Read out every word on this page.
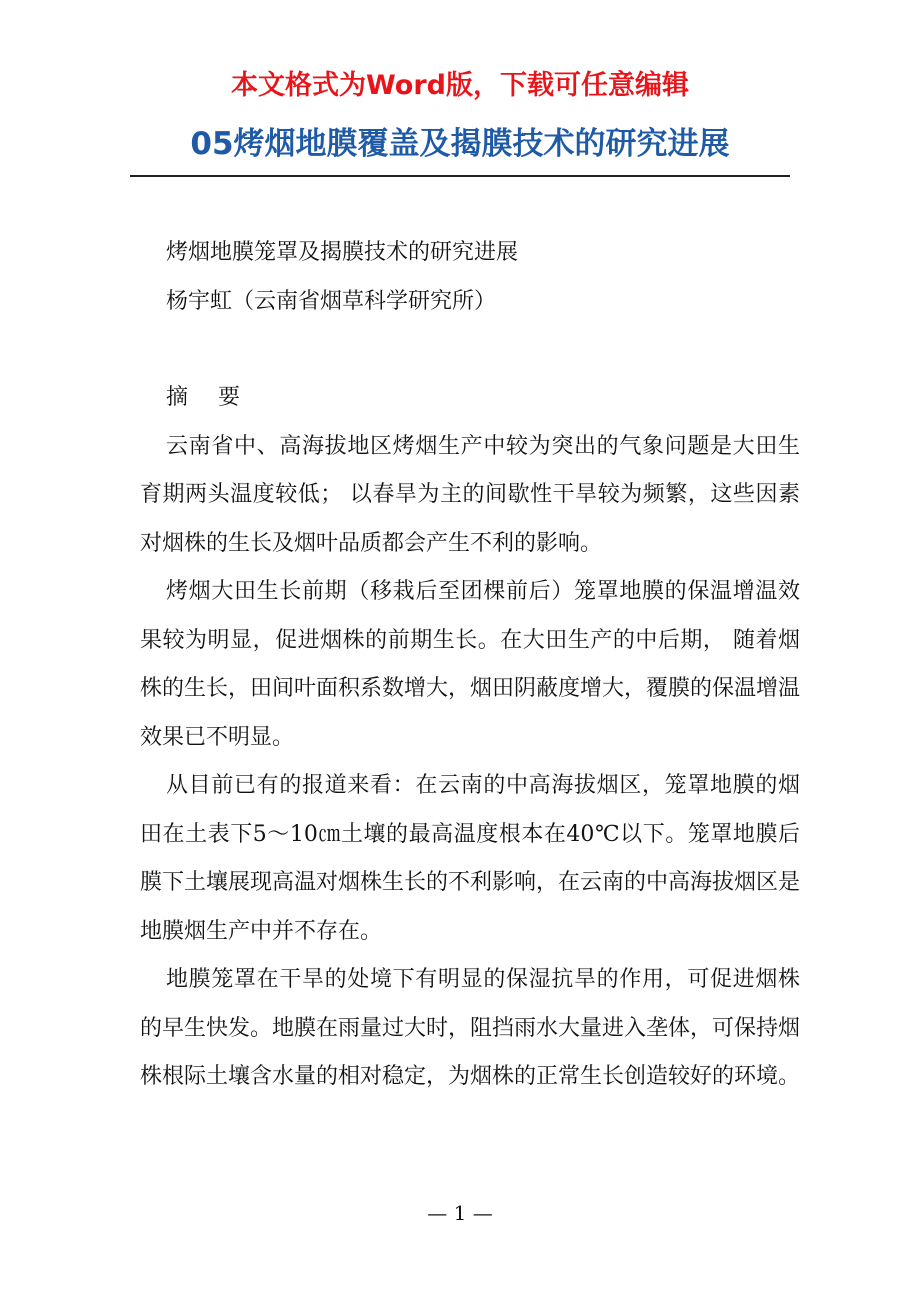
本文格式为Word版，下载可任意编辑
05烤烟地膜覆盖及揭膜技术的研究进展

烤烟地膜笼罩及揭膜技术的研究进展

杨宇虹（云南省烟草科学研究所）

摘　要

云南省中、高海拔地区烤烟生产中较为突出的气象问题是大田生育期两头温度较低； 以春旱为主的间歇性干旱较为频繁，这些因素对烟株的生长及烟叶品质都会产生不利的影响。

烤烟大田生长前期（移栽后至团棵前后）笼罩地膜的保温增温效果较为明显，促进烟株的前期生长。在大田生产的中后期， 随着烟株的生长，田间叶面积系数增大，烟田阴蔽度增大，覆膜的保温增温效果已不明显。

从目前已有的报道来看：在云南的中高海拔烟区，笼罩地膜的烟田在土表下5～10㎝土壤的最高温度根本在40℃以下。笼罩地膜后膜下土壤展现高温对烟株生长的不利影响，在云南的中高海拔烟区是地膜烟生产中并不存在。

地膜笼罩在干旱的处境下有明显的保湿抗旱的作用，可促进烟株的早生快发。地膜在雨量过大时，阻挡雨水大量进入垄体，可保持烟株根际土壤含水量的相对稳定，为烟株的正常生长创造较好的环境。

— 1 —
